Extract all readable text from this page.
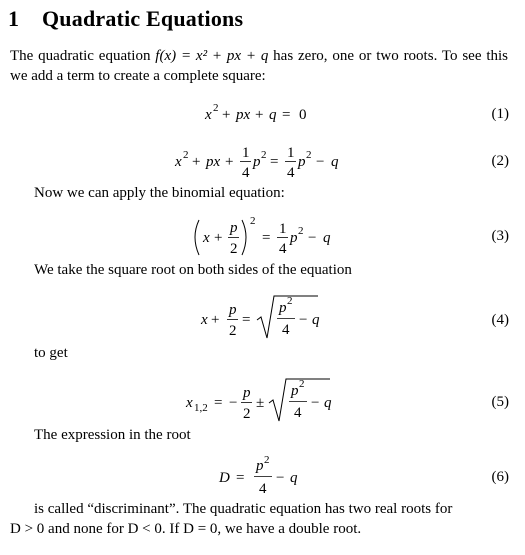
1 Quadratic Equations
The quadratic equation f(x) = x² + px + q has zero, one or two roots. To see this we add a term to create a complete square:
x 2 + px + q = 0	(1)
x 2 + px +
1
4
p 2 =
1
4
p 2 − q	(2)
Now we can apply the binomial equation:
x +
p
2
2
=
1
4
p 2 − q	(3)
We take the square root on both sides of the equation
x +
p
2
=
p 2
4
− q	(4)
to get
x 1,2 = −
p
2
±
p 2
4
− q	(5)
The expression in the root
D =
p 2
4
− q	(6)
is called “discriminant”. The quadratic equation has two real roots for
D > 0 and none for D < 0. If D = 0, we have a double root.
